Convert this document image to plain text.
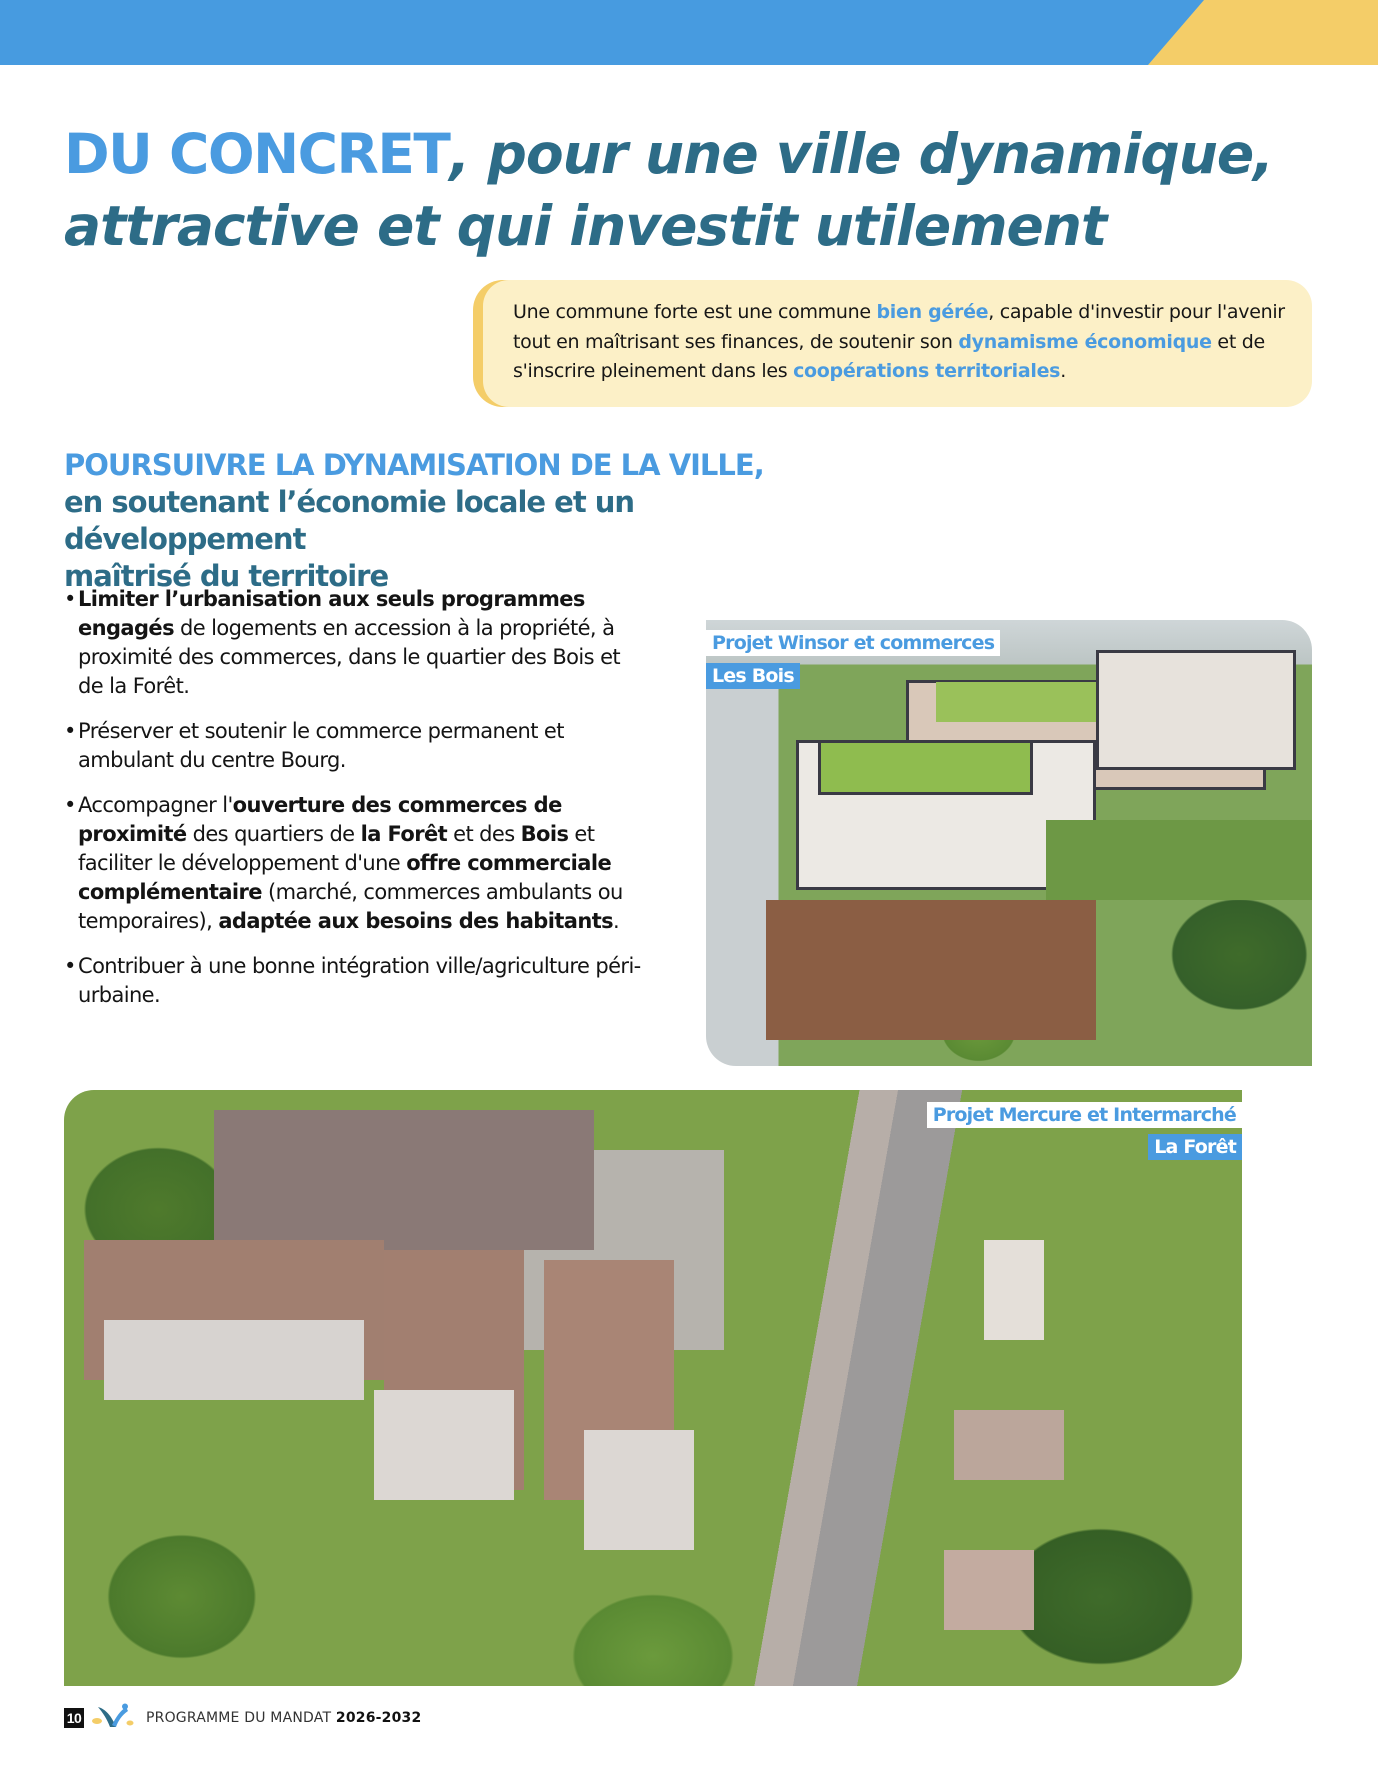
DU CONCRET, pour une ville dynamique,
attractive et qui investit utilement
Une commune forte est une commune bien gérée, capable d'investir pour l'avenir tout en maîtrisant ses finances, de soutenir son dynamisme économique et de s'inscrire pleinement dans les coopérations territoriales.
POURSUIVRE LA DYNAMISATION DE LA VILLE,
en soutenant l’économie locale et un développement
maîtrisé du territoire
• Limiter l’urbanisation aux seuls programmes engagés de logements en accession à la propriété, à proximité des commerces, dans le quartier des Bois et de la Forêt.
• Préserver et soutenir le commerce permanent et ambulant du centre Bourg.
• Accompagner l'ouverture des commerces de proximité des quartiers de la Forêt et des Bois et faciliter le développement d'une offre commerciale complémentaire (marché, commerces ambulants ou temporaires), adaptée aux besoins des habitants.
• Contribuer à une bonne intégration ville/agriculture péri-urbaine.
Projet Winsor et commerces
Les Bois
Projet Mercure et Intermarché
La Forêt
10	PROGRAMME DU MANDAT 2026-2032
